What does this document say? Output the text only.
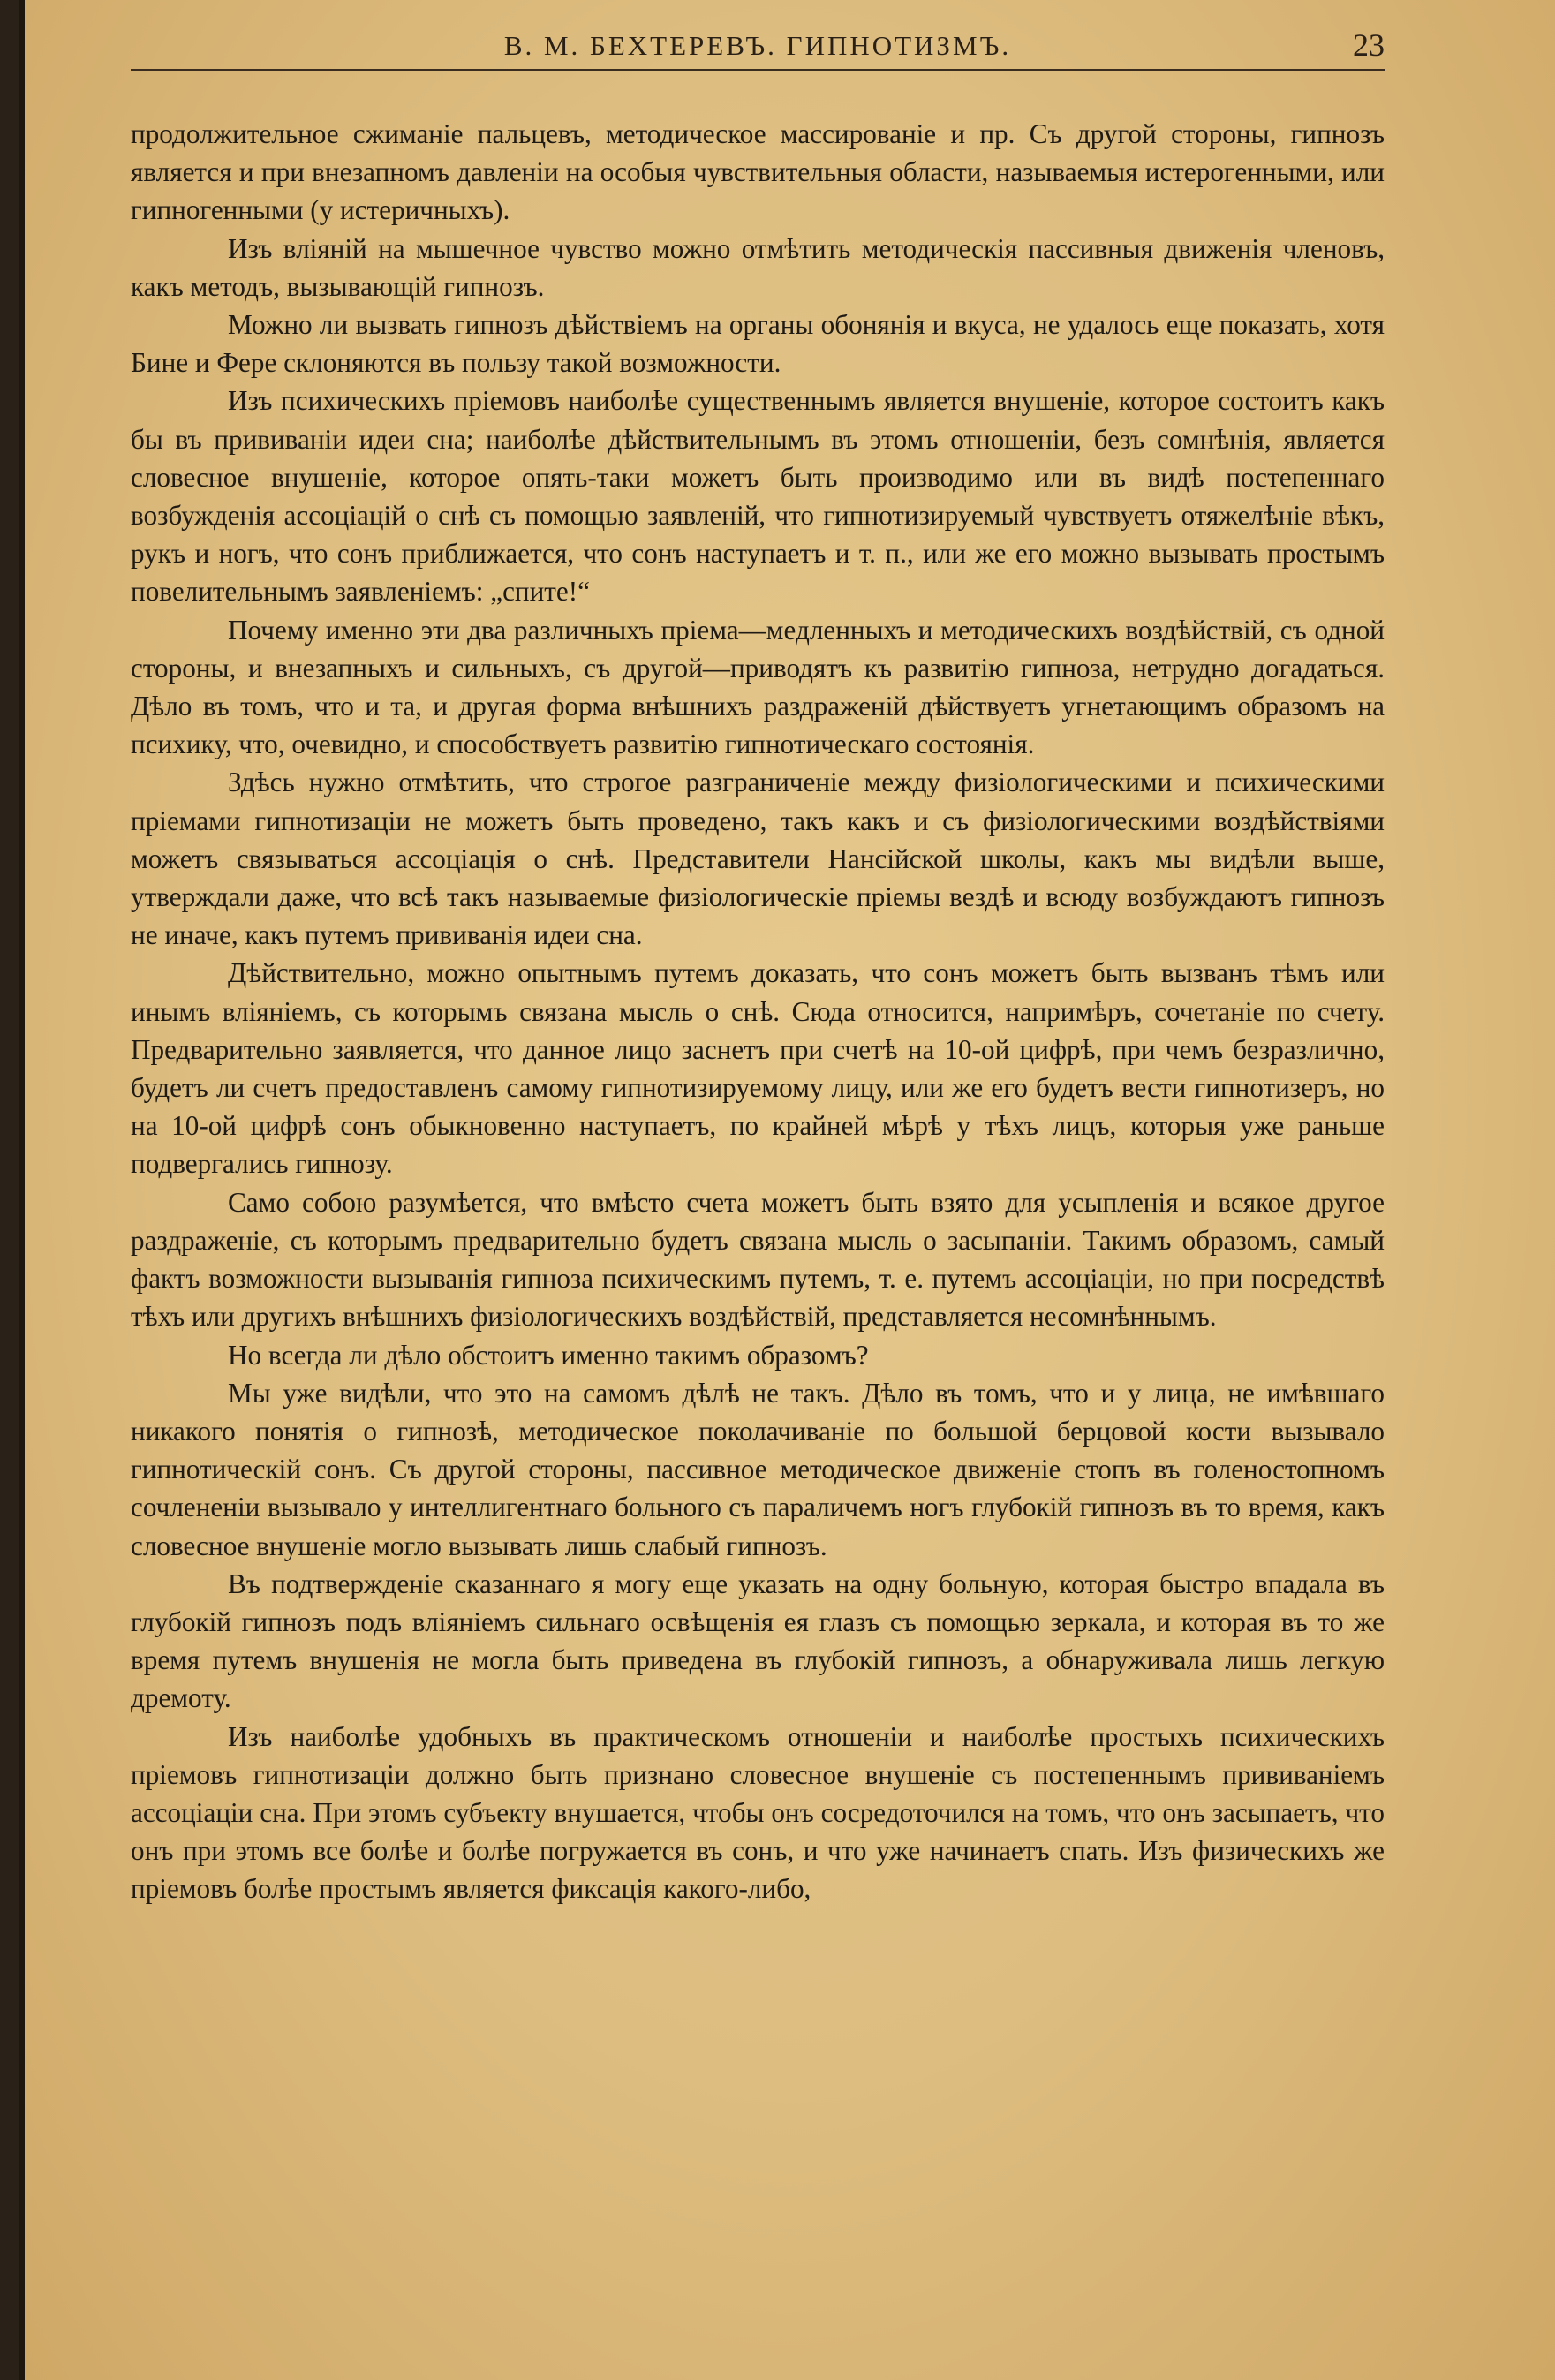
В. М. БЕХТЕРЕВЪ. ГИПНОТИЗМЪ.	23

продолжительное сжиманіе пальцевъ, методическое массированіе и пр. Съ другой стороны, гипнозъ является и при внезапномъ давленіи на особыя чувствительныя области, называемыя истерогенными, или гипногенными (у истеричныхъ).

Изъ вліяній на мышечное чувство можно отмѣтить методическія пассивныя движенія членовъ, какъ методъ, вызывающій гипнозъ.

Можно ли вызвать гипнозъ дѣйствіемъ на органы обонянія и вкуса, не удалось еще показать, хотя Бине и Фере склоняются въ пользу такой возможности.

Изъ психическихъ пріемовъ наиболѣе существеннымъ является внушеніе, которое состоитъ какъ бы въ прививаніи идеи сна; наиболѣе дѣйствительнымъ въ этомъ отношеніи, безъ сомнѣнія, является словесное внушеніе, которое опять-таки можетъ быть производимо или въ видѣ постепеннаго возбужденія ассоціацій о снѣ съ помощью заявленій, что гипнотизируемый чувствуетъ отяжелѣніе вѣкъ, рукъ и ногъ, что сонъ приближается, что сонъ наступаетъ и т. п., или же его можно вызывать простымъ повелительнымъ заявленіемъ: „спите!“

Почему именно эти два различныхъ пріема—медленныхъ и методическихъ воздѣйствій, съ одной стороны, и внезапныхъ и сильныхъ, съ другой—приводятъ къ развитію гипноза, нетрудно догадаться. Дѣло въ томъ, что и та, и другая форма внѣшнихъ раздраженій дѣйствуетъ угнетающимъ образомъ на психику, что, очевидно, и способствуетъ развитію гипнотическаго состоянія.

Здѣсь нужно отмѣтить, что строгое разграниченіе между физіологическими и психическими пріемами гипнотизаціи не можетъ быть проведено, такъ какъ и съ физіологическими воздѣйствіями можетъ связываться ассоціація о снѣ. Представители Нансійской школы, какъ мы видѣли выше, утверждали даже, что всѣ такъ называемые физіологическіе пріемы вездѣ и всюду возбуждаютъ гипнозъ не иначе, какъ путемъ прививанія идеи сна.

Дѣйствительно, можно опытнымъ путемъ доказать, что сонъ можетъ быть вызванъ тѣмъ или инымъ вліяніемъ, съ которымъ связана мысль о снѣ. Сюда относится, напримѣръ, сочетаніе по счету. Предварительно заявляется, что данное лицо заснетъ при счетѣ на 10-ой цифрѣ, при чемъ безразлично, будетъ ли счетъ предоставленъ самому гипнотизируемому лицу, или же его будетъ вести гипнотизеръ, но на 10-ой цифрѣ сонъ обыкновенно наступаетъ, по крайней мѣрѣ у тѣхъ лицъ, которыя уже раньше подвергались гипнозу.

Само собою разумѣется, что вмѣсто счета можетъ быть взято для усыпленія и всякое другое раздраженіе, съ которымъ предварительно будетъ связана мысль о засыпаніи. Такимъ образомъ, самый фактъ возможности вызыванія гипноза психическимъ путемъ, т. е. путемъ ассоціаціи, но при посредствѣ тѣхъ или другихъ внѣшнихъ физіологическихъ воздѣйствій, представляется несомнѣннымъ.

Но всегда ли дѣло обстоитъ именно такимъ образомъ?

Мы уже видѣли, что это на самомъ дѣлѣ не такъ. Дѣло въ томъ, что и у лица, не имѣвшаго никакого понятія о гипнозѣ, методическое поколачиваніе по большой берцовой кости вызывало гипнотическій сонъ. Съ другой стороны, пассивное методическое движеніе стопъ въ голеностопномъ сочлененіи вызывало у интеллигентнаго больного съ параличемъ ногъ глубокій гипнозъ въ то время, какъ словесное внушеніе могло вызывать лишь слабый гипнозъ.

Въ подтвержденіе сказаннаго я могу еще указать на одну больную, которая быстро впадала въ глубокій гипнозъ подъ вліяніемъ сильнаго освѣщенія ея глазъ съ помощью зеркала, и которая въ то же время путемъ внушенія не могла быть приведена въ глубокій гипнозъ, а обнаруживала лишь легкую дремоту.

Изъ наиболѣе удобныхъ въ практическомъ отношеніи и наиболѣе простыхъ психическихъ пріемовъ гипнотизаціи должно быть признано словесное внушеніе съ постепеннымъ прививаніемъ ассоціаціи сна. При этомъ субъекту внушается, чтобы онъ сосредоточился на томъ, что онъ засыпаетъ, что онъ при этомъ все болѣе и болѣе погружается въ сонъ, и что уже начинаетъ спать. Изъ физическихъ же пріемовъ болѣе простымъ является фиксація какого-либо,
